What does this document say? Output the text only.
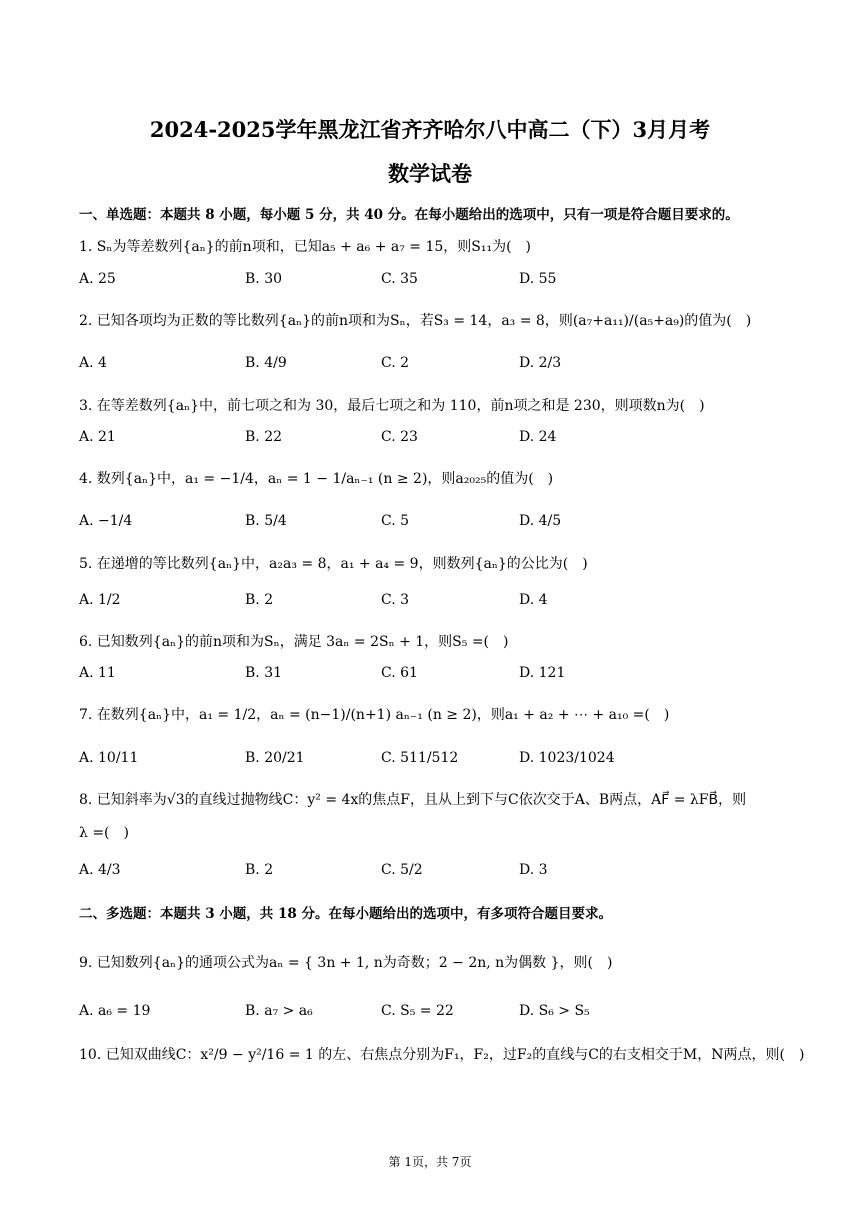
2024-2025学年黑龙江省齐齐哈尔八中高二（下）3月月考
数学试卷
一、单选题：本题共 8 小题，每小题 5 分，共 40 分。在每小题给出的选项中，只有一项是符合题目要求的。
1. Sₙ为等差数列{aₙ}的前n项和，已知a₅ + a₆ + a₇ = 15，则S₁₁为(　)
A. 25	B. 30	C. 35	D. 55
2. 已知各项均为正数的等比数列{aₙ}的前n项和为Sₙ，若S₃ = 14，a₃ = 8，则(a₇+a₁₁)/(a₅+a₉)的值为(　)
A. 4	B. 4/9	C. 2	D. 2/3
3. 在等差数列{aₙ}中，前七项之和为 30，最后七项之和为 110，前n项之和是 230，则项数n为(　)
A. 21	B. 22	C. 23	D. 24
4. 数列{aₙ}中，a₁ = −1/4，aₙ = 1 − 1/aₙ₋₁ (n ≥ 2)，则a₂₀₂₅的值为(　)
A. −1/4	B. 5/4	C. 5	D. 4/5
5. 在递增的等比数列{aₙ}中，a₂a₃ = 8，a₁ + a₄ = 9，则数列{aₙ}的公比为(　)
A. 1/2	B. 2	C. 3	D. 4
6. 已知数列{aₙ}的前n项和为Sₙ，满足 3aₙ = 2Sₙ + 1，则S₅ =(　)
A. 11	B. 31	C. 61	D. 121
7. 在数列{aₙ}中，a₁ = 1/2，aₙ = (n−1)/(n+1) aₙ₋₁ (n ≥ 2)，则a₁ + a₂ + ⋯ + a₁₀ =(　)
A. 10/11	B. 20/21	C. 511/512	D. 1023/1024
8. 已知斜率为√3的直线过抛物线C：y² = 4x的焦点F，且从上到下与C依次交于A、B两点，AF⃗ = λFB⃗，则
λ =(　)
A. 4/3	B. 2	C. 5/2	D. 3
二、多选题：本题共 3 小题，共 18 分。在每小题给出的选项中，有多项符合题目要求。
9. 已知数列{aₙ}的通项公式为aₙ = { 3n + 1, n为奇数；2 − 2n, n为偶数 }，则(　)
A. a₆ = 19	B. a₇ > a₆	C. S₅ = 22	D. S₆ > S₅
10. 已知双曲线C：x²/9 − y²/16 = 1 的左、右焦点分别为F₁，F₂，过F₂的直线与C的右支相交于M，N两点，则(　)
第 1页，共 7页
